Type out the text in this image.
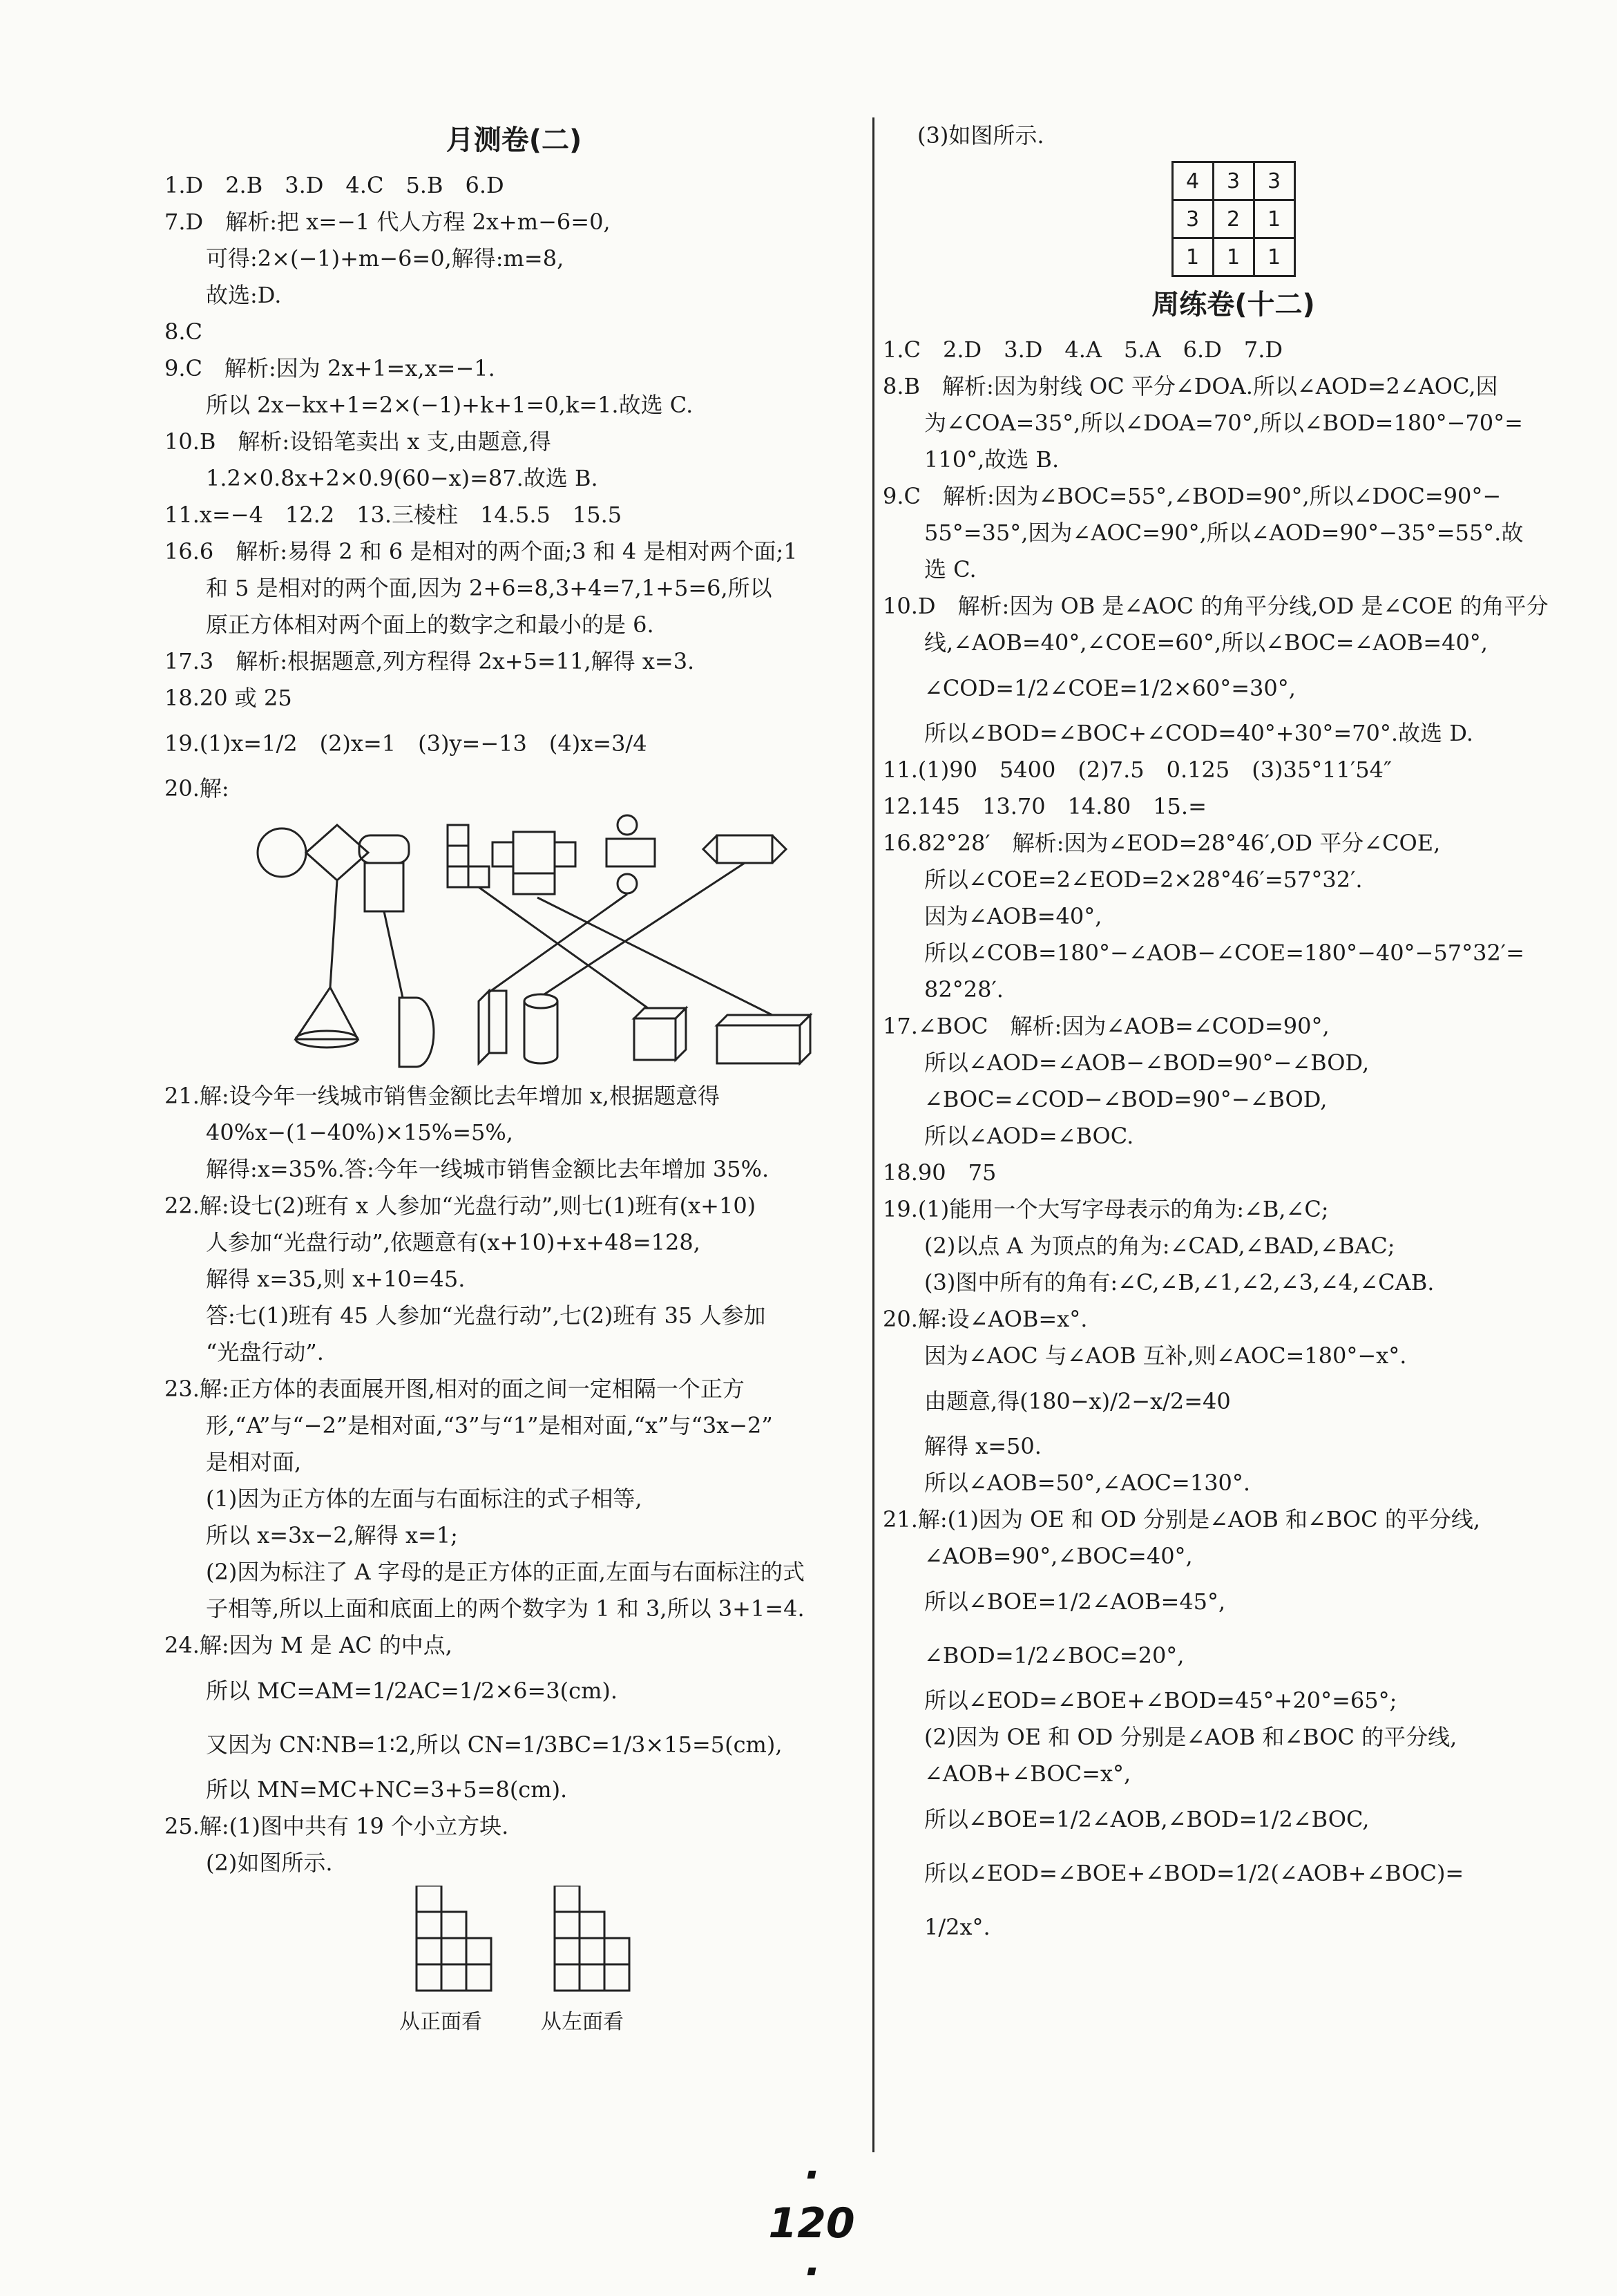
月测卷(二)
1.D　2.B　3.D　4.C　5.B　6.D
7.D　解析:把 x=−1 代人方程 2x+m−6=0,
可得:2×(−1)+m−6=0,解得:m=8,
故选:D.
8.C
9.C　解析:因为 2x+1=x,x=−1.
所以 2x−kx+1=2×(−1)+k+1=0,k=1.故选 C.
10.B　解析:设铅笔卖出 x 支,由题意,得
1.2×0.8x+2×0.9(60−x)=87.故选 B.
11.x=−4　12.2　13.三棱柱　14.5.5　15.5
16.6　解析:易得 2 和 6 是相对的两个面;3 和 4 是相对两个面;1
和 5 是相对的两个面,因为 2+6=8,3+4=7,1+5=6,所以
原正方体相对两个面上的数字之和最小的是 6.
17.3　解析:根据题意,列方程得 2x+5=11,解得 x=3.
18.20 或 25
19.(1)x=1/2　(2)x=1　(3)y=−13　(4)x=3/4
20.解:
21.解:设今年一线城市销售金额比去年增加 x,根据题意得
40%x−(1−40%)×15%=5%,
解得:x=35%.答:今年一线城市销售金额比去年增加 35%.
22.解:设七(2)班有 x 人参加“光盘行动”,则七(1)班有(x+10)
人参加“光盘行动”,依题意有(x+10)+x+48=128,
解得 x=35,则 x+10=45.
答:七(1)班有 45 人参加“光盘行动”,七(2)班有 35 人参加
“光盘行动”.
23.解:正方体的表面展开图,相对的面之间一定相隔一个正方
形,“A”与“−2”是相对面,“3”与“1”是相对面,“x”与“3x−2”
是相对面,
(1)因为正方体的左面与右面标注的式子相等,
所以 x=3x−2,解得 x=1;
(2)因为标注了 A 字母的是正方体的正面,左面与右面标注的式
子相等,所以上面和底面上的两个数字为 1 和 3,所以 3+1=4.
24.解:因为 M 是 AC 的中点,
所以 MC=AM=1/2AC=1/2×6=3(cm).
又因为 CN∶NB=1∶2,所以 CN=1/3BC=1/3×15=5(cm),
所以 MN=MC+NC=3+5=8(cm).
25.解:(1)图中共有 19 个小立方块.
(2)如图所示.
从正面看	从左面看
(3)如图所示.
4	3	3
3	2	1
1	1	1
周练卷(十二)
1.C　2.D　3.D　4.A　5.A　6.D　7.D
8.B　解析:因为射线 OC 平分∠DOA.所以∠AOD=2∠AOC,因
为∠COA=35°,所以∠DOA=70°,所以∠BOD=180°−70°=
110°,故选 B.
9.C　解析:因为∠BOC=55°,∠BOD=90°,所以∠DOC=90°−
55°=35°,因为∠AOC=90°,所以∠AOD=90°−35°=55°.故
选 C.
10.D　解析:因为 OB 是∠AOC 的角平分线,OD 是∠COE 的角平分
线,∠AOB=40°,∠COE=60°,所以∠BOC=∠AOB=40°,
∠COD=1/2∠COE=1/2×60°=30°,
所以∠BOD=∠BOC+∠COD=40°+30°=70°.故选 D.
11.(1)90　5400　(2)7.5　0.125　(3)35°11′54″
12.145　13.70　14.80　15.=
16.82°28′　解析:因为∠EOD=28°46′,OD 平分∠COE,
所以∠COE=2∠EOD=2×28°46′=57°32′.
因为∠AOB=40°,
所以∠COB=180°−∠AOB−∠COE=180°−40°−57°32′=
82°28′.
17.∠BOC　解析:因为∠AOB=∠COD=90°,
所以∠AOD=∠AOB−∠BOD=90°−∠BOD,
∠BOC=∠COD−∠BOD=90°−∠BOD,
所以∠AOD=∠BOC.
18.90　75
19.(1)能用一个大写字母表示的角为:∠B,∠C;
(2)以点 A 为顶点的角为:∠CAD,∠BAD,∠BAC;
(3)图中所有的角有:∠C,∠B,∠1,∠2,∠3,∠4,∠CAB.
20.解:设∠AOB=x°.
因为∠AOC 与∠AOB 互补,则∠AOC=180°−x°.
由题意,得(180−x)/2−x/2=40
解得 x=50.
所以∠AOB=50°,∠AOC=130°.
21.解:(1)因为 OE 和 OD 分别是∠AOB 和∠BOC 的平分线,
∠AOB=90°,∠BOC=40°,
所以∠BOE=1/2∠AOB=45°,
∠BOD=1/2∠BOC=20°,
所以∠EOD=∠BOE+∠BOD=45°+20°=65°;
(2)因为 OE 和 OD 分别是∠AOB 和∠BOC 的平分线,
∠AOB+∠BOC=x°,
所以∠BOE=1/2∠AOB,∠BOD=1/2∠BOC,
所以∠EOD=∠BOE+∠BOD=1/2(∠AOB+∠BOC)=
1/2x°.
· 120 ·
